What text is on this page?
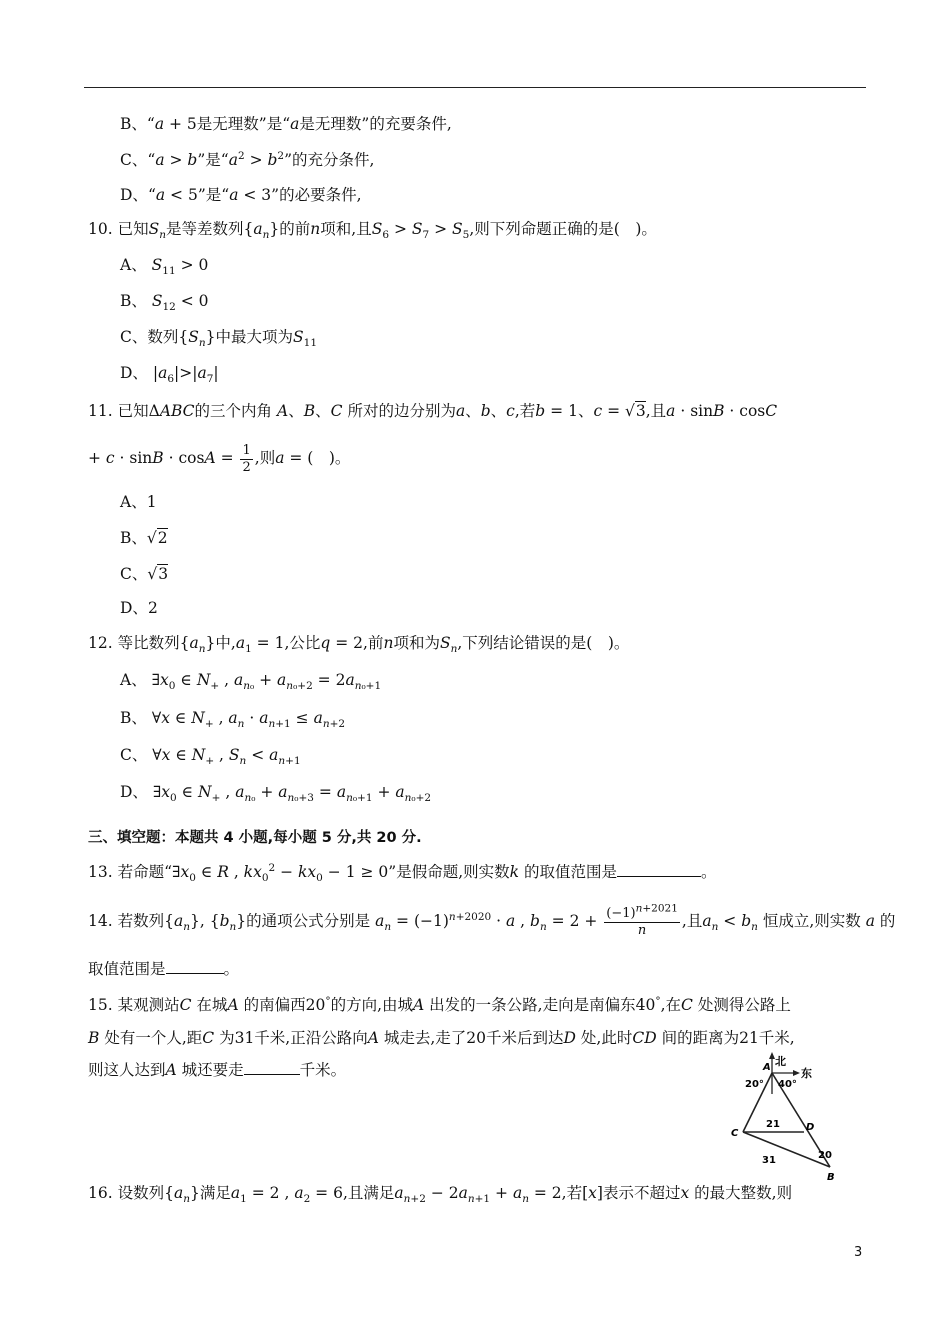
B、“a + 5是无理数”是“a是无理数”的充要条件,
C、“a > b”是“$a^2 > b^2$”的充分条件,
D、“a < 5”是“a < 3”的必要条件,
10. 已知$S_n$是等差数列$\{a_n\}$的前n项和,且$S_6 > S_7 > S_5$,则下列命题正确的是(　)。
A、 $S_{11} > 0$
B、 $S_{12} < 0$
C、数列$\{S_n\}$中最大项为$S_{11}$
D、 $|a_6|>|a_7|$
11. 已知ΔABC的三个内角 A、B、C 所对的边分别为a、b、c,若b = 1、c = √3,且a · sinB · cosC
+ $c \cdot \sin B \cdot \cos A = \frac{1}{2}$ ,则a = (　)。
A、1
B、√2
C、√3
D、2
12. 等比数列$\{a_n\}$中$,a_1 = 1$,公比q = 2,前n项和为$S_n$,下列结论错误的是(　)。
A、 $\exists x_0$ ∈ $N_+$ , $a_{n_0} + a_{n_0+2} = 2a_{n_0+1}$
B、 ∀x ∈ $N_+$ , $a_n \cdot a_{n+1} \le a_{n+2}$
C、 ∀x ∈ $N_+$ , $S_n < a_{n+1}$
D、 $\exists x_0$ ∈ $N_+$ , $a_{n_0} + a_{n_0+3} = a_{n_0+1} + a_{n_0+2}$
三、填空题：本题共 4 小题,每小题 5 分,共 20 分.
13. 若命题“$\exists x_0$ ∈ R , $kx_0^2 - kx_0 - 1 \ge 0$”是假命题,则实数k 的取值范围是	。
14. 若数列$\{a_n\}$, $\{b_n\}$的通项公式分别是 $a_n = (-1)^{n+2020} \cdot a$ , $b_n = 2 + \frac{(-1)^{n+2021}}{n}$ ,且$a_n < b_n$ 恒成立,则实数 a 的
取值范围是	。
15. 某观测站C 在城A 的南偏西20°的方向,由城A 出发的一条公路,走向是南偏东40°,在C 处测得公路上
B 处有一个人,距C 为31千米,正沿公路向A 城走去,走了20千米后到达D 处,此时CD 间的距离为21千米,
则这人达到A 城还要走	千米。	北
东
A
20° 40°
C
D
B
21
31	20
16. 设数列$\{a_n\}$满足$a_1 = 2$ , $a_2 = 6$,且满足$a_{n+2} - 2a_{n+1} + a_n = 2$,若[x]表示不超过x 的最大整数,则
3
